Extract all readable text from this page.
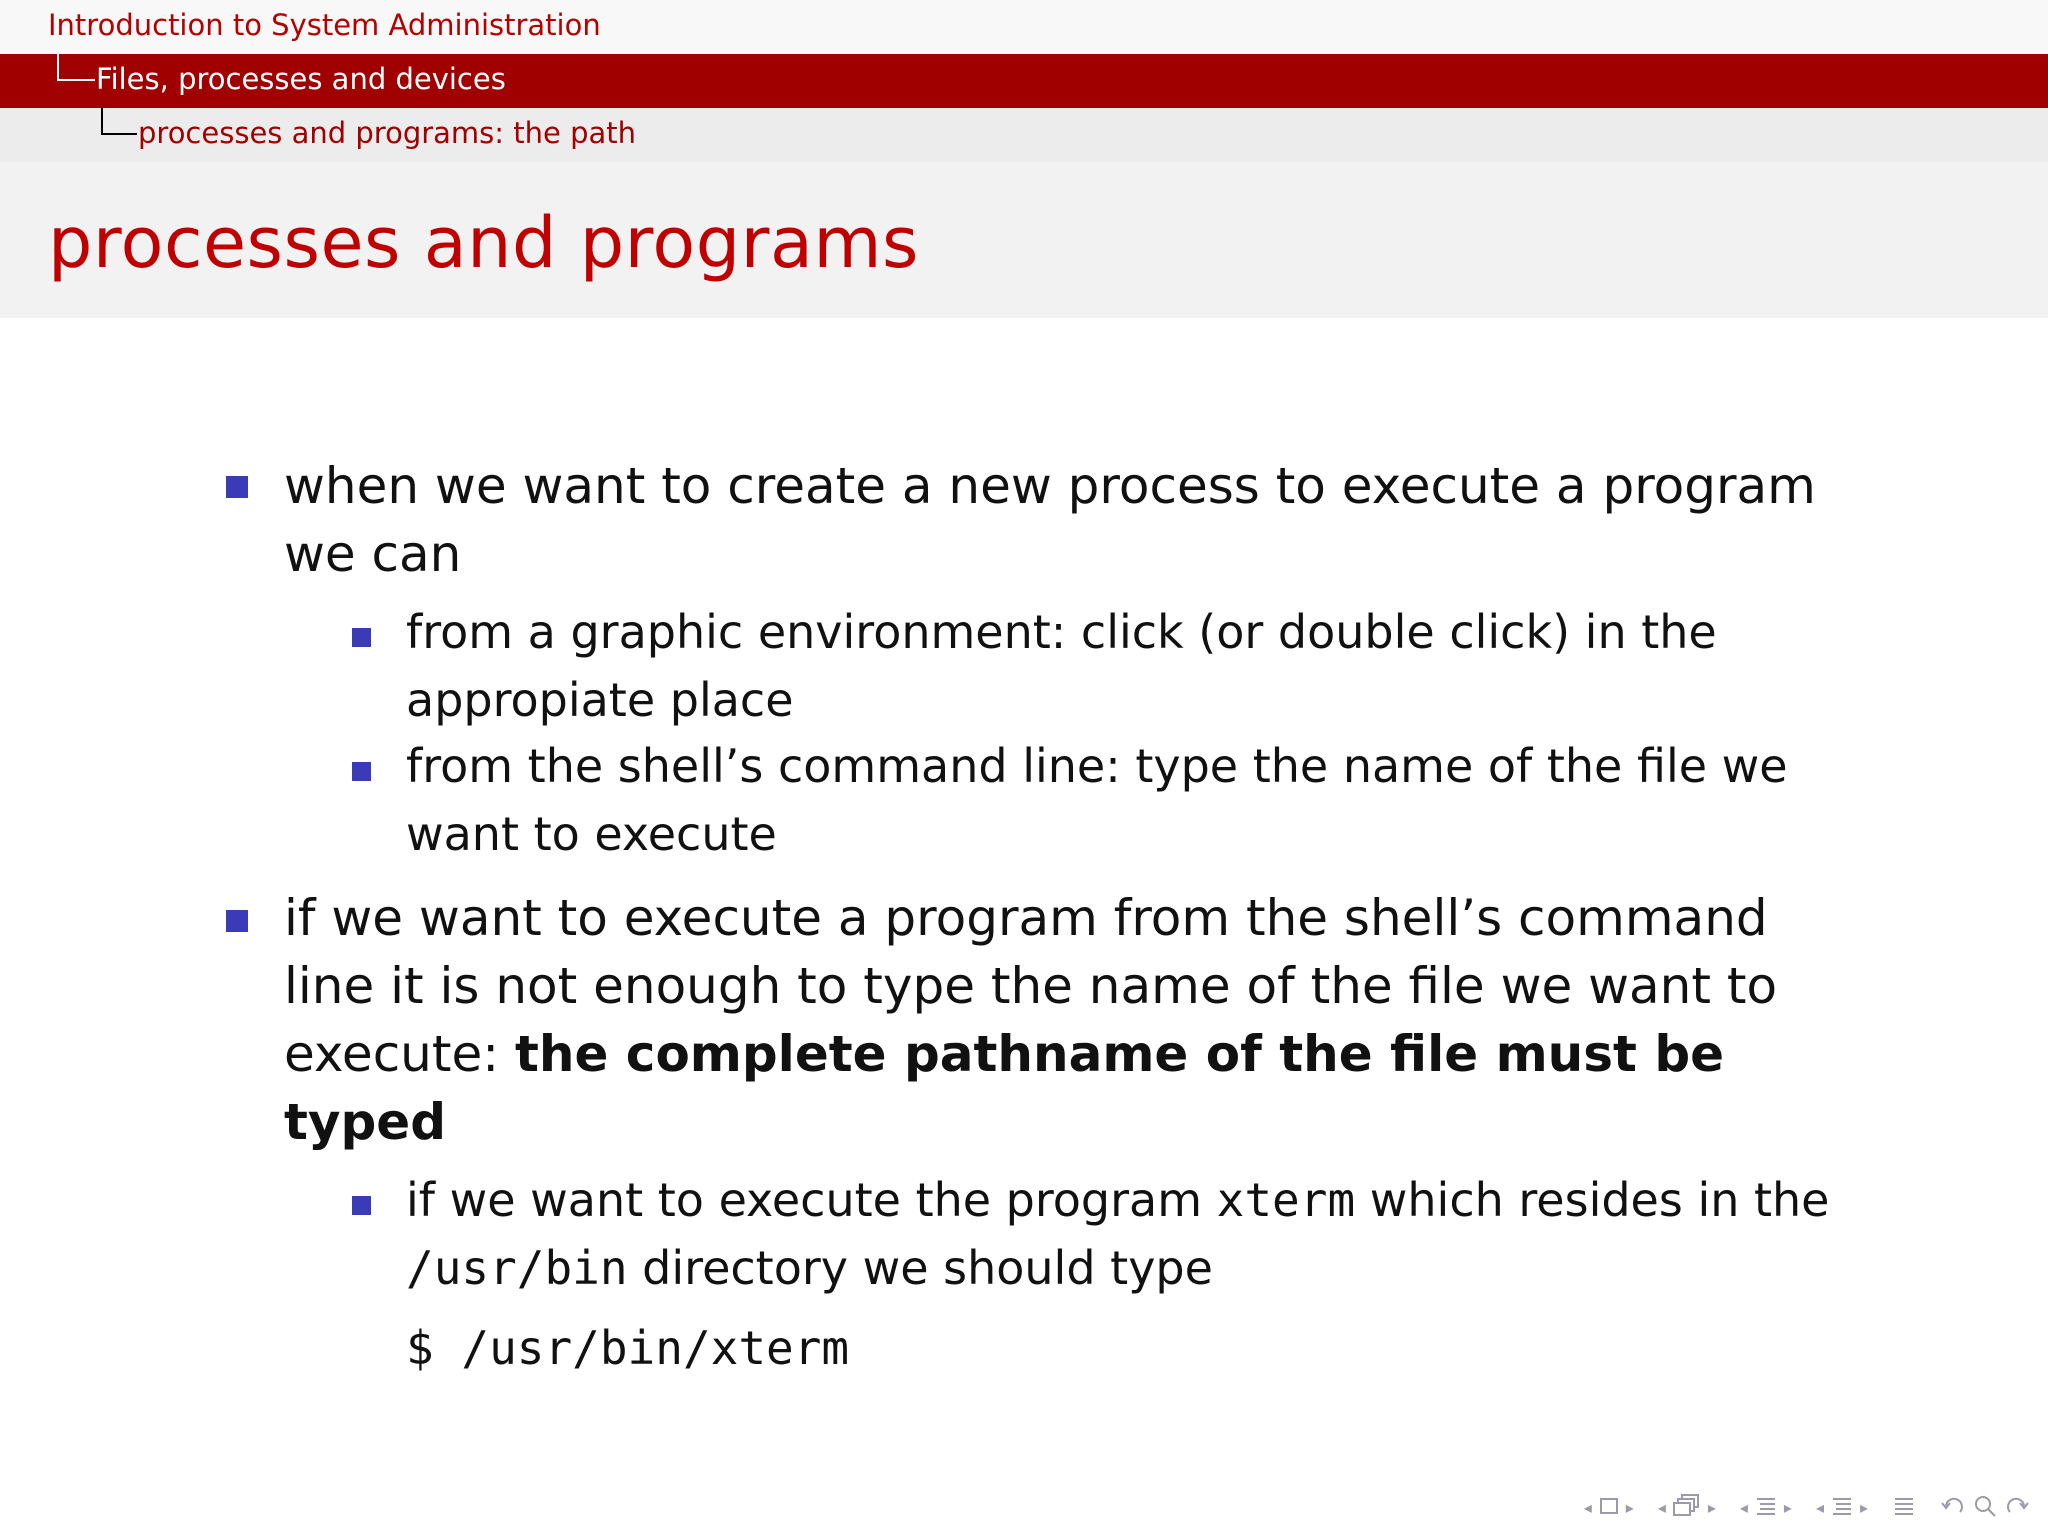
Introduction to System Administration
Files, processes and devices
processes and programs: the path
processes and programs
when we want to create a new process to execute a program
we can
from a graphic environment: click (or double click) in the
appropiate place
from the shell’s command line: type the name of the file we
want to execute
if we want to execute a program from the shell’s command
line it is not enough to type the name of the file we want to
execute: the complete pathname of the file must be
typed
if we want to execute the program xterm which resides in the
/usr/bin directory we should type
$ /usr/bin/xterm
◂ ▸ ◂	▸ ◂ ▸ ◂ ▸
